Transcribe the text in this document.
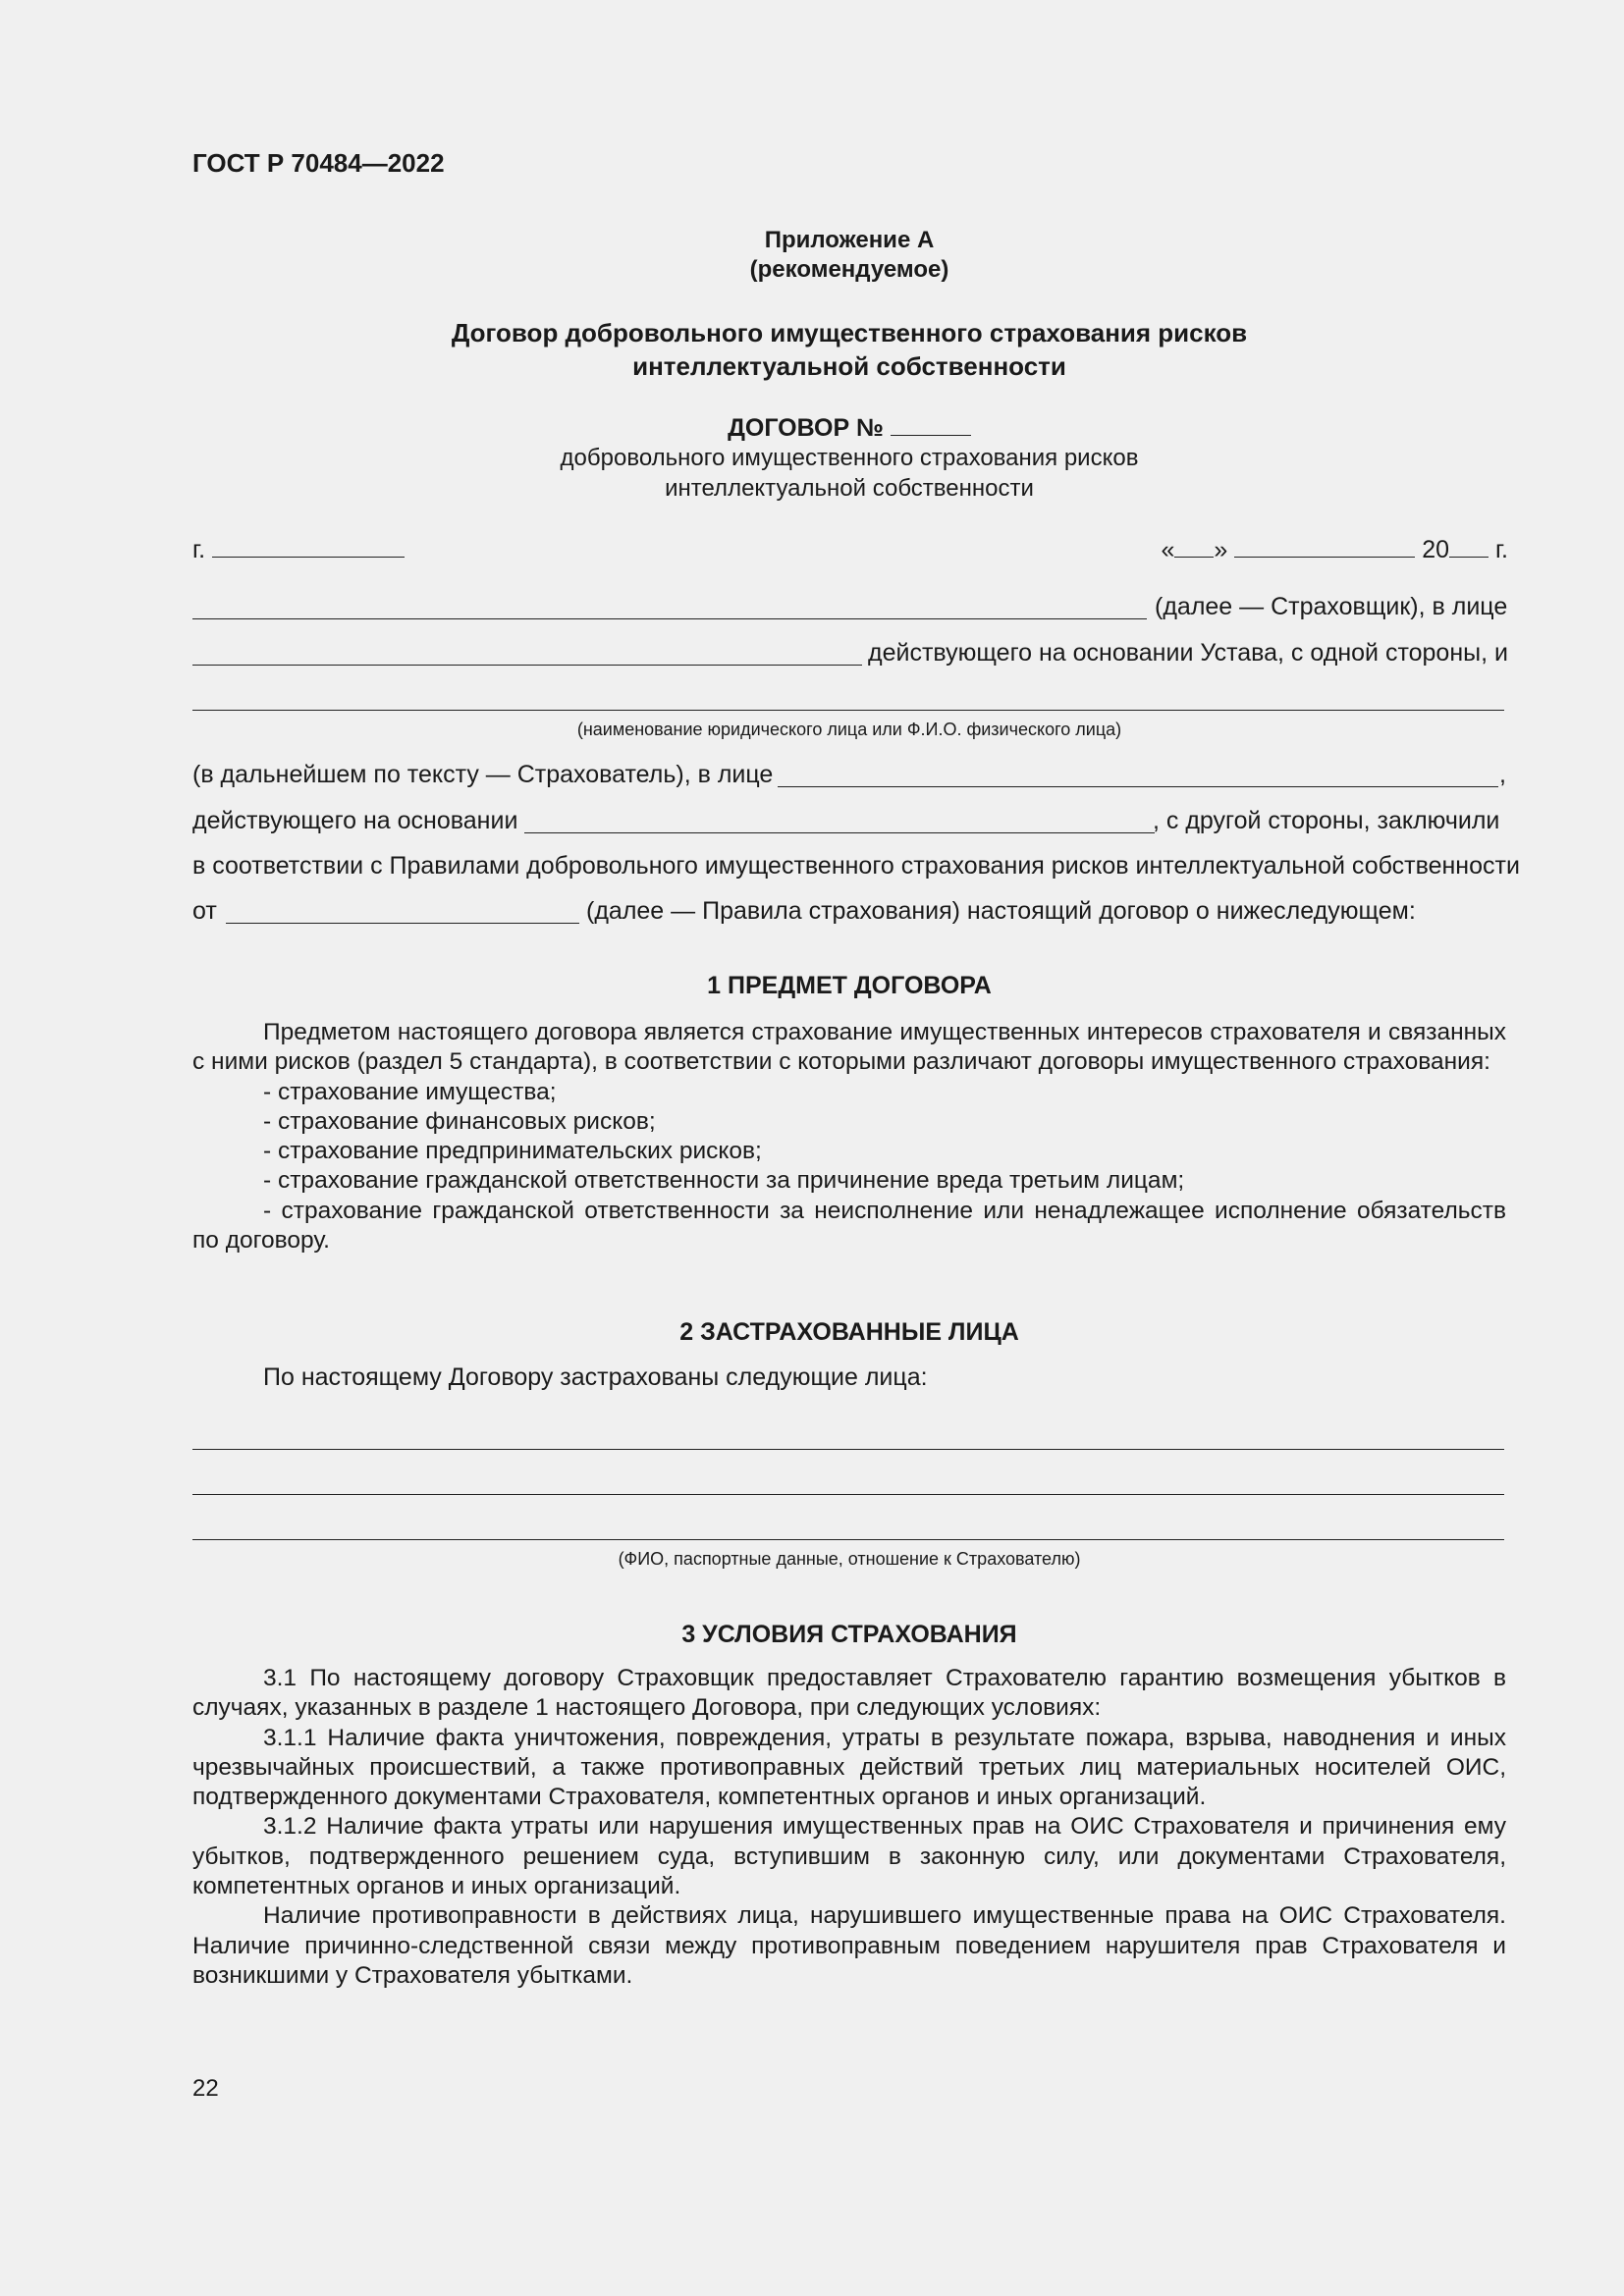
ГОСТ Р 70484—2022
Приложение А
(рекомендуемое)
Договор добровольного имущественного страхования рисков
интеллектуальной собственности
ДОГОВОР №
добровольного имущественного страхования рисков
интеллектуальной собственности
г.	« »	20 г.
(далее — Страховщик), в лице
действующего на основании Устава, с одной стороны, и
(наименование юридического лица или Ф.И.О. физического лица)
(в дальнейшем по тексту — Страхователь), в лице	,
действующего на основании	, с другой стороны, заключили
в соответствии с Правилами добровольного имущественного страхования рисков интеллектуальной собственности
от	(далее — Правила страхования) настоящий договор о нижеследующем:
1 ПРЕДМЕТ ДОГОВОРА

Предметом настоящего договора является страхование имущественных интересов страхователя и связанных с ними рисков (раздел 5 стандарта), в соответствии с которыми различают договоры имущественного страхования:

- страхование имущества;

- страхование финансовых рисков;

- страхование предпринимательских рисков;

- страхование гражданской ответственности за причинение вреда третьим лицам;

- страхование гражданской ответственности за неисполнение или ненадлежащее исполнение обязательств по договору.

2 ЗАСТРАХОВАННЫЕ ЛИЦА
По настоящему Договору застрахованы следующие лица:
(ФИО, паспортные данные, отношение к Страхователю)
3 УСЛОВИЯ СТРАХОВАНИЯ

3.1 По настоящему договору Страховщик предоставляет Страхователю гарантию возмещения убытков в случаях, указанных в разделе 1 настоящего Договора, при следующих условиях:

3.1.1 Наличие факта уничтожения, повреждения, утраты в результате пожара, взрыва, наводнения и иных чрезвычайных происшествий, а также противоправных действий третьих лиц материальных носителей ОИС, подтвержденного документами Страхователя, компетентных органов и иных организаций.

3.1.2 Наличие факта утраты или нарушения имущественных прав на ОИС Страхователя и причинения ему убытков, подтвержденного решением суда, вступившим в законную силу, или документами Страхователя, компетентных органов и иных организаций.

Наличие противоправности в действиях лица, нарушившего имущественные права на ОИС Страхователя. Наличие причинно-следственной связи между противоправным поведением нарушителя прав Страхователя и возникшими у Страхователя убытками.

22
